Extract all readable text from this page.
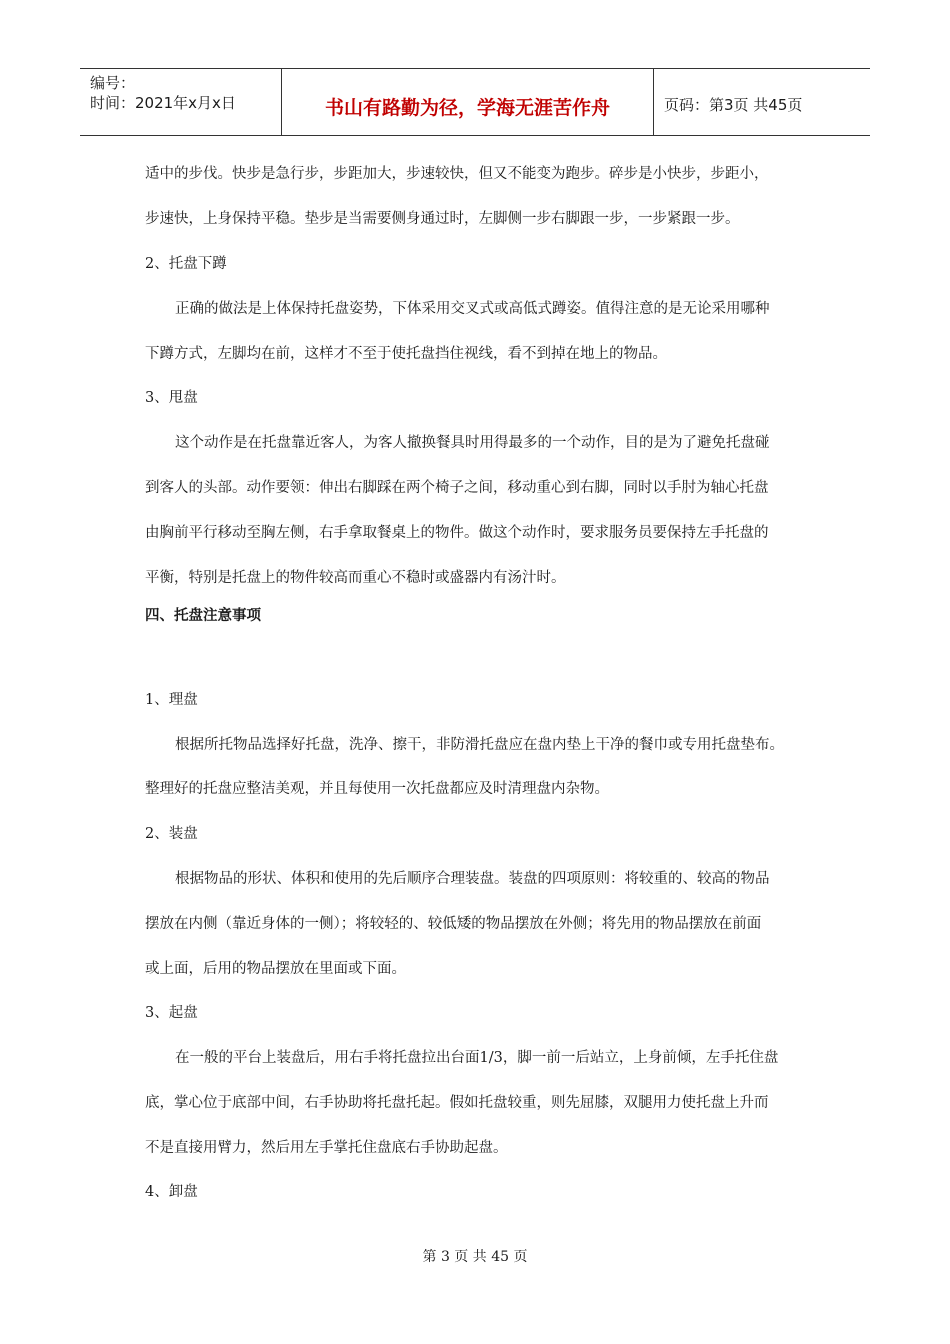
编号：
时间：2021年x月x日	书山有路勤为径，学海无涯苦作舟	页码：第3页 共45页
适中的步伐。快步是急行步，步距加大，步速较快，但又不能变为跑步。碎步是小快步，步距小，
步速快，上身保持平稳。垫步是当需要侧身通过时，左脚侧一步右脚跟一步，一步紧跟一步。
2、托盘下蹲
正确的做法是上体保持托盘姿势，下体采用交叉式或高低式蹲姿。值得注意的是无论采用哪种
下蹲方式，左脚均在前，这样才不至于使托盘挡住视线，看不到掉在地上的物品。
3、甩盘
这个动作是在托盘靠近客人，为客人撤换餐具时用得最多的一个动作，目的是为了避免托盘碰
到客人的头部。动作要领：伸出右脚踩在两个椅子之间，移动重心到右脚，同时以手肘为轴心托盘
由胸前平行移动至胸左侧，右手拿取餐桌上的物件。做这个动作时，要求服务员要保持左手托盘的
平衡，特别是托盘上的物件较高而重心不稳时或盛器内有汤汁时。
四、托盘注意事项
1、理盘
根据所托物品选择好托盘，洗净、擦干，非防滑托盘应在盘内垫上干净的餐巾或专用托盘垫布。
整理好的托盘应整洁美观，并且每使用一次托盘都应及时清理盘内杂物。
2、装盘
根据物品的形状、体积和使用的先后顺序合理装盘。装盘的四项原则：将较重的、较高的物品
摆放在内侧（靠近身体的一侧）；将较轻的、较低矮的物品摆放在外侧；将先用的物品摆放在前面
或上面，后用的物品摆放在里面或下面。
3、起盘
在一般的平台上装盘后，用右手将托盘拉出台面1/3，脚一前一后站立，上身前倾，左手托住盘
底，掌心位于底部中间，右手协助将托盘托起。假如托盘较重，则先屈膝，双腿用力使托盘上升而
不是直接用臂力，然后用左手掌托住盘底右手协助起盘。
4、卸盘
第 3 页 共 45 页
